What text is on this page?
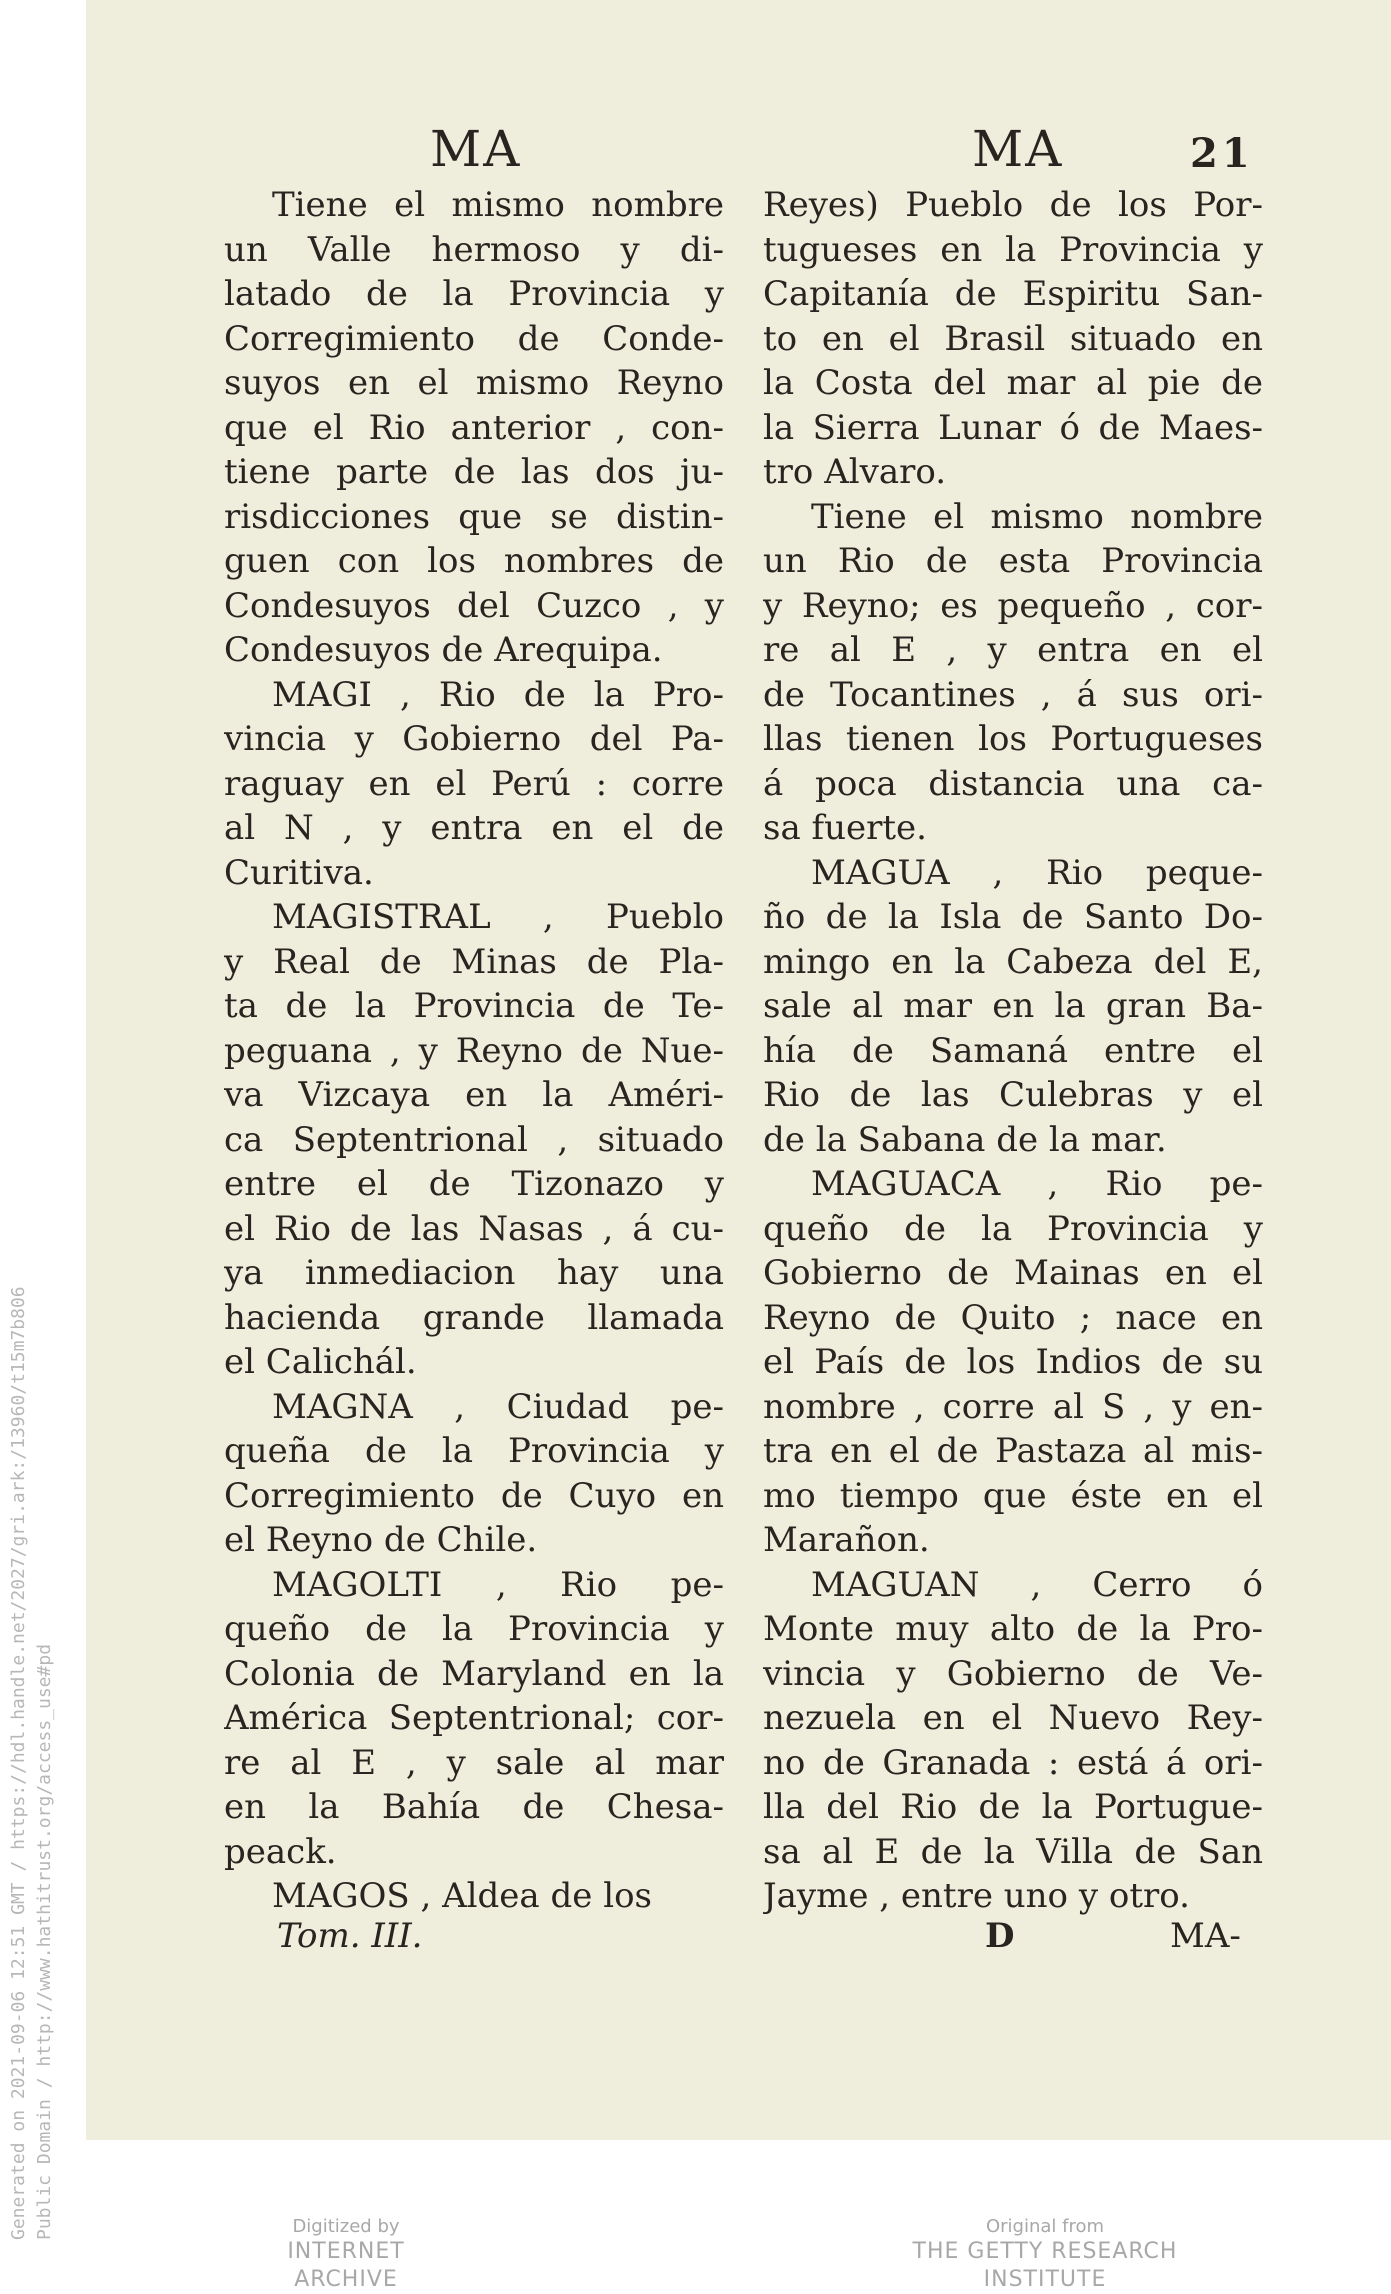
Generated on 2021-09-06 12:51 GMT / https://hdl.handle.net/2027/gri.ark:/13960/t15m7b806 Public Domain / http://www.hathitrust.org/access_use#pd
MA	MA	21
Tiene el mismo nombre
un Valle hermoso y di-
latado de la Provincia y
Corregimiento de Conde-
suyos en el mismo Reyno
que el Rio anterior , con-
tiene parte de las dos ju-
risdicciones que se distin-
guen con los nombres de
Condesuyos del Cuzco , y
Condesuyos de Arequipa.
MAGI , Rio de la Pro-
vincia y Gobierno del Pa-
raguay en el Perú : corre
al N , y entra en el de
Curitiva.
MAGISTRAL , Pueblo
y Real de Minas de Pla-
ta de la Provincia de Te-
peguana , y Reyno de Nue-
va Vizcaya en la Améri-
ca Septentrional , situado
entre el de Tizonazo y
el Rio de las Nasas , á cu-
ya inmediacion hay una
hacienda grande llamada
el Calichál.
MAGNA , Ciudad pe-
queña de la Provincia y
Corregimiento de Cuyo en
el Reyno de Chile.
MAGOLTI , Rio pe-
queño de la Provincia y
Colonia de Maryland en la
América Septentrional; cor-
re al E , y sale al mar
en la Bahía de Chesa-
peack.
MAGOS , Aldea de los
Reyes) Pueblo de los Por-
tugueses en la Provincia y
Capitanía de Espiritu San-
to en el Brasil situado en
la Costa del mar al pie de
la Sierra Lunar ó de Maes-
tro Alvaro.
Tiene el mismo nombre
un Rio de esta Provincia
y Reyno; es pequeño , cor-
re al E , y entra en el
de Tocantines , á sus ori-
llas tienen los Portugueses
á poca distancia una ca-
sa fuerte.
MAGUA , Rio peque-
ño de la Isla de Santo Do-
mingo en la Cabeza del E,
sale al mar en la gran Ba-
hía de Samaná entre el
Rio de las Culebras y el
de la Sabana de la mar.
MAGUACA , Rio pe-
queño de la Provincia y
Gobierno de Mainas en el
Reyno de Quito ; nace en
el País de los Indios de su
nombre , corre al S , y en-
tra en el de Pastaza al mis-
mo tiempo que éste en el
Marañon.
MAGUAN , Cerro ó
Monte muy alto de la Pro-
vincia y Gobierno de Ve-
nezuela en el Nuevo Rey-
no de Granada : está á ori-
lla del Rio de la Portugue-
sa al E de la Villa de San
Jayme , entre uno y otro.
Tom. III.	D	MA-
Digitized by
INTERNET ARCHIVE
Original from
THE GETTY RESEARCH INSTITUTE
